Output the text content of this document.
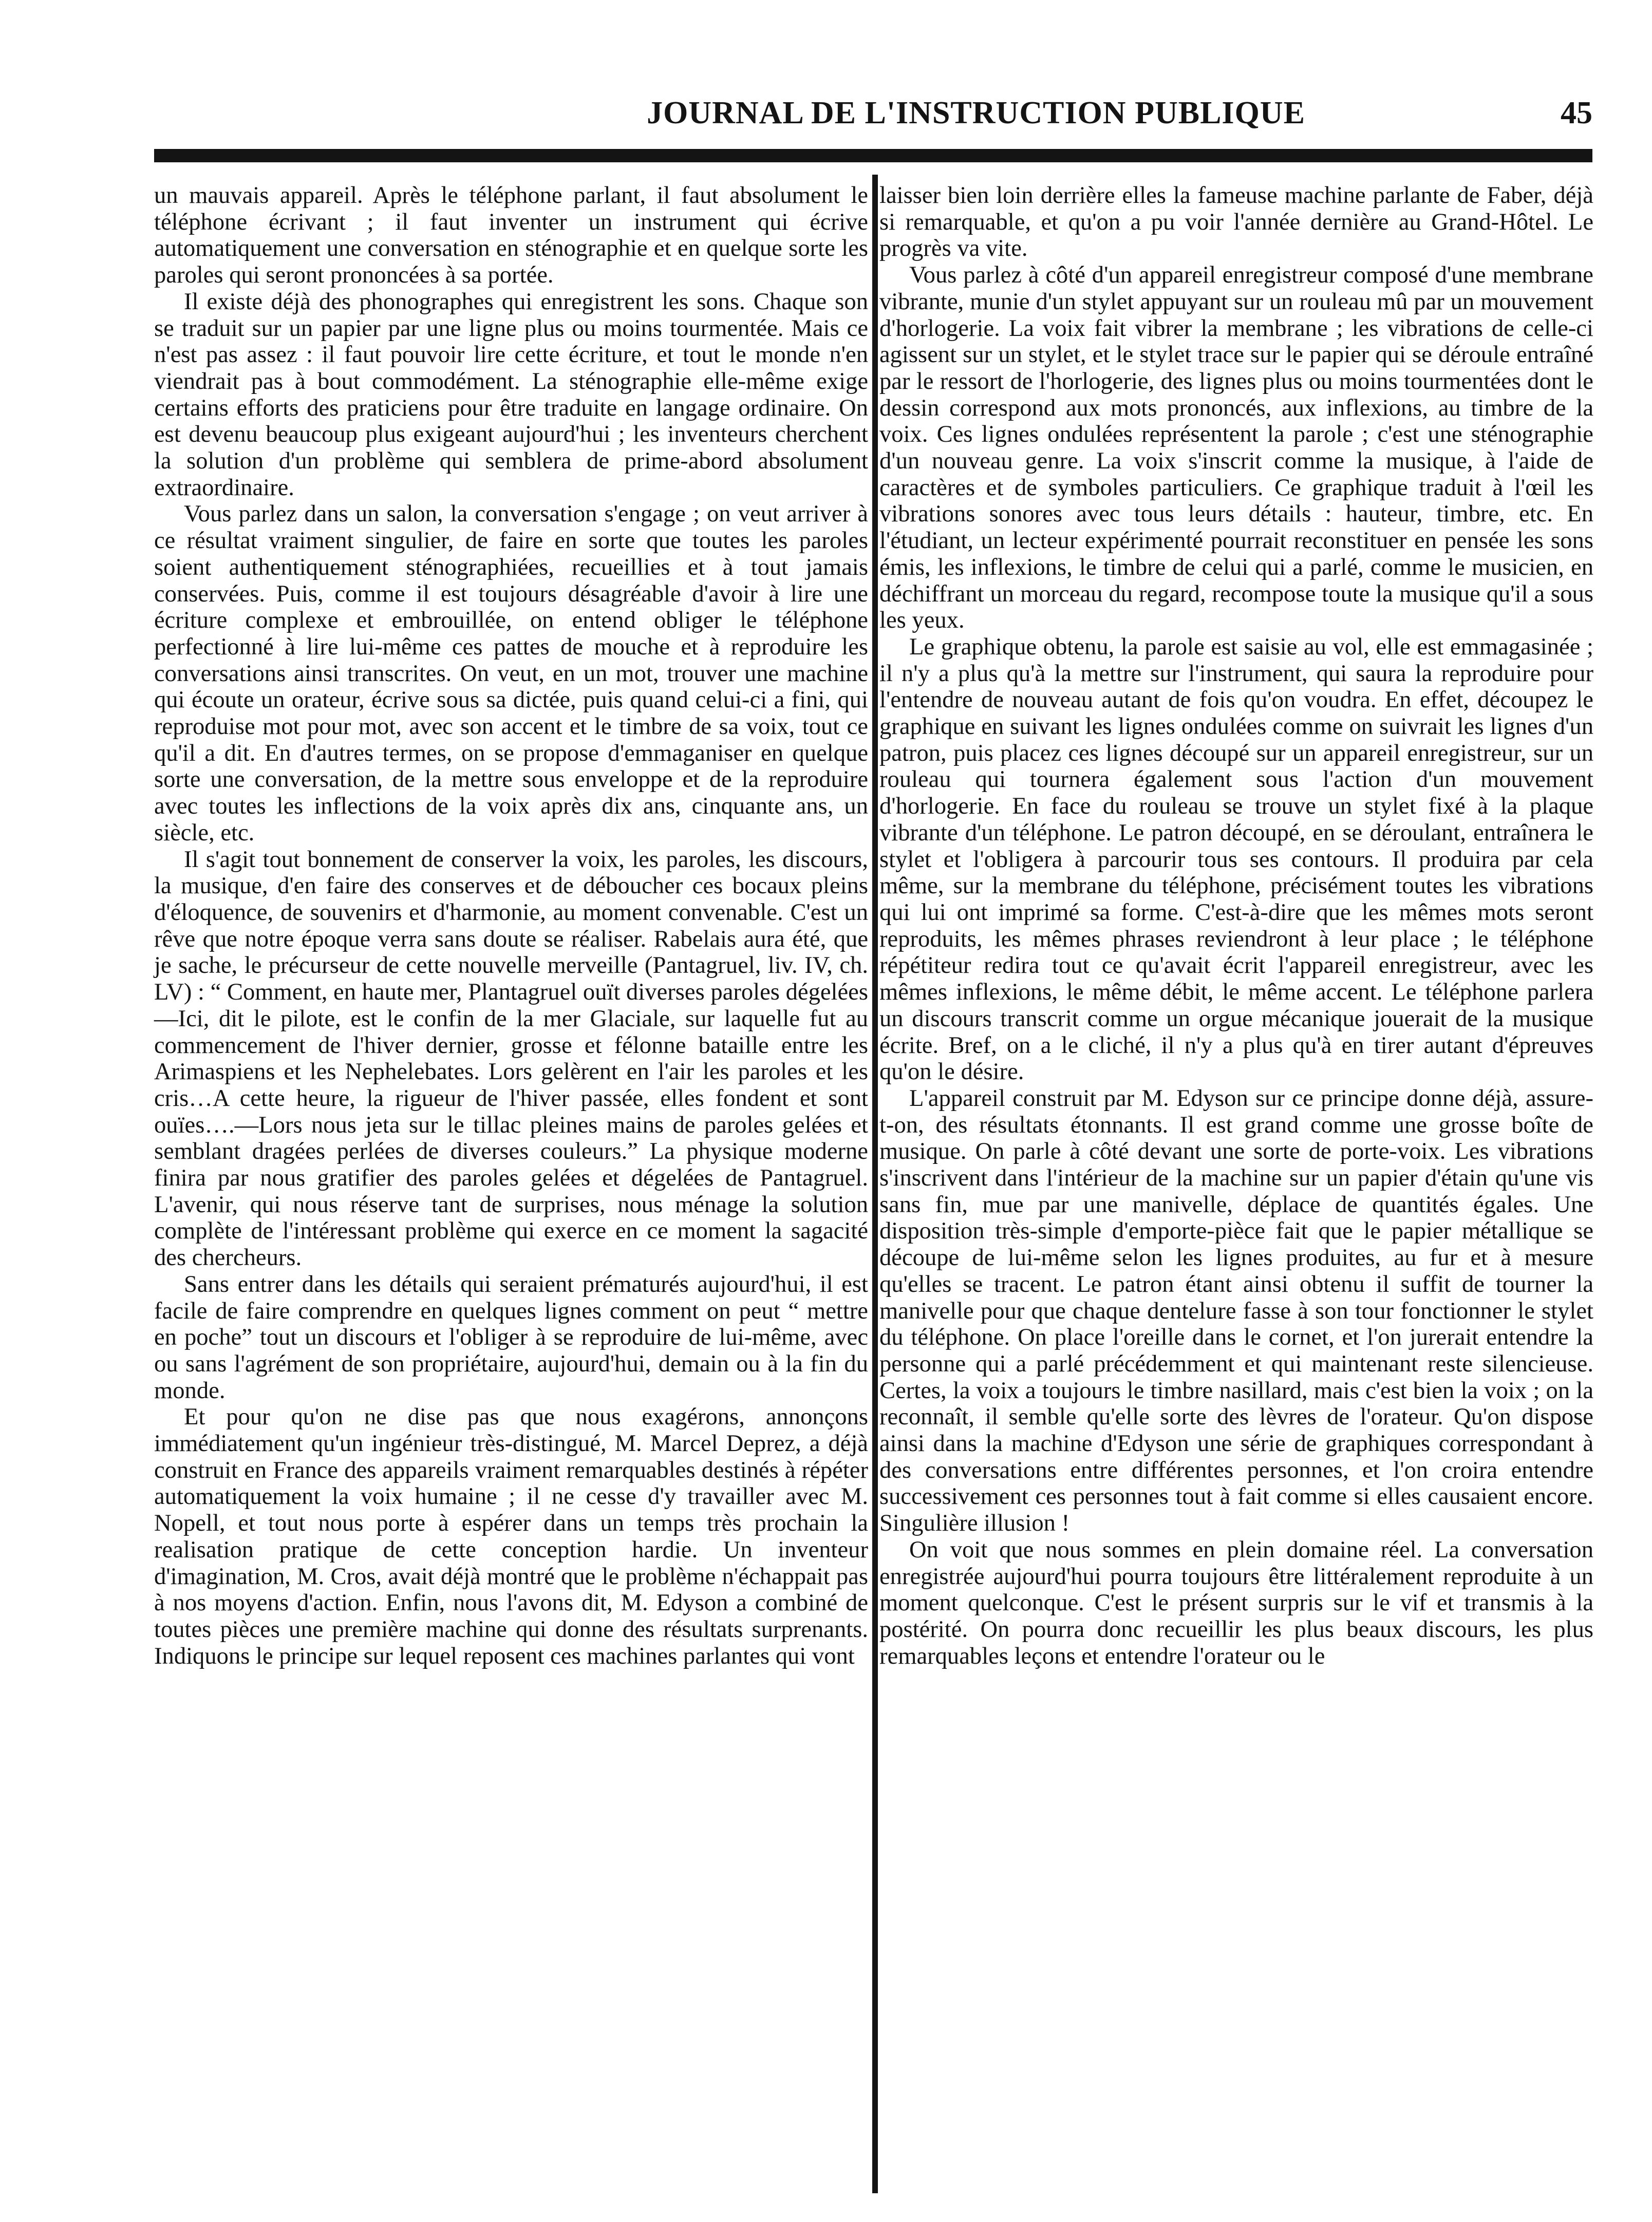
JOURNAL DE L'INSTRUCTION PUBLIQUE	45

un mauvais appareil. Après le téléphone parlant, il faut absolument le téléphone écrivant ; il faut inventer un instrument qui écrive automatiquement une conversation en sténographie et en quelque sorte les paroles qui seront prononcées à sa portée.

Il existe déjà des phonographes qui enregistrent les sons. Chaque son se traduit sur un papier par une ligne plus ou moins tourmentée. Mais ce n'est pas assez : il faut pouvoir lire cette écriture, et tout le monde n'en viendrait pas à bout commodément. La sténographie elle-même exige certains efforts des praticiens pour être traduite en langage ordinaire. On est devenu beaucoup plus exigeant aujourd'hui ; les inventeurs cherchent la solution d'un problème qui semblera de prime-abord absolument extraordinaire.

Vous parlez dans un salon, la conversation s'engage ; on veut arriver à ce résultat vraiment singulier, de faire en sorte que toutes les paroles soient authentiquement sténographiées, recueillies et à tout jamais conservées. Puis, comme il est toujours désagréable d'avoir à lire une écriture complexe et embrouillée, on entend obliger le téléphone perfectionné à lire lui-même ces pattes de mouche et à reproduire les conversations ainsi transcrites. On veut, en un mot, trouver une machine qui écoute un orateur, écrive sous sa dictée, puis quand celui-ci a fini, qui reproduise mot pour mot, avec son accent et le timbre de sa voix, tout ce qu'il a dit. En d'autres termes, on se propose d'emmaganiser en quelque sorte une conversation, de la mettre sous enveloppe et de la reproduire avec toutes les inflections de la voix après dix ans, cinquante ans, un siècle, etc.

Il s'agit tout bonnement de conserver la voix, les paroles, les discours, la musique, d'en faire des conserves et de déboucher ces bocaux pleins d'éloquence, de souvenirs et d'harmonie, au moment convenable. C'est un rêve que notre époque verra sans doute se réaliser. Rabelais aura été, que je sache, le précurseur de cette nouvelle merveille (Pantagruel, liv. IV, ch. LV) : “ Comment, en haute mer, Plantagruel ouït diverses paroles dégelées—Ici, dit le pilote, est le confin de la mer Glaciale, sur laquelle fut au commencement de l'hiver dernier, grosse et félonne bataille entre les Arimaspiens et les Nephelebates. Lors gelèrent en l'air les paroles et les cris…A cette heure, la rigueur de l'hiver passée, elles fondent et sont ouïes….—Lors nous jeta sur le tillac pleines mains de paroles gelées et semblant dragées perlées de diverses couleurs.” La physique moderne finira par nous gratifier des paroles gelées et dégelées de Pantagruel. L'avenir, qui nous réserve tant de surprises, nous ménage la solution complète de l'intéressant problème qui exerce en ce moment la sagacité des chercheurs.

Sans entrer dans les détails qui seraient prématurés aujourd'hui, il est facile de faire comprendre en quelques lignes comment on peut “ mettre en poche” tout un discours et l'obliger à se reproduire de lui-même, avec ou sans l'agrément de son propriétaire, aujourd'hui, demain ou à la fin du monde.

Et pour qu'on ne dise pas que nous exagérons, annonçons immédiatement qu'un ingénieur très-distingué, M. Marcel Deprez, a déjà construit en France des appareils vraiment remarquables destinés à répéter automatiquement la voix humaine ; il ne cesse d'y travailler avec M. Nopell, et tout nous porte à espérer dans un temps très prochain la realisation pratique de cette conception hardie. Un inventeur d'imagination, M. Cros, avait déjà montré que le problème n'échappait pas à nos moyens d'action. Enfin, nous l'avons dit, M. Edyson a combiné de toutes pièces une première machine qui donne des résultats surprenants. Indiquons le principe sur lequel reposent ces machines parlantes qui vont

laisser bien loin derrière elles la fameuse machine parlante de Faber, déjà si remarquable, et qu'on a pu voir l'année dernière au Grand-Hôtel. Le progrès va vite.

Vous parlez à côté d'un appareil enregistreur composé d'une membrane vibrante, munie d'un stylet appuyant sur un rouleau mû par un mouvement d'horlogerie. La voix fait vibrer la membrane ; les vibrations de celle-ci agissent sur un stylet, et le stylet trace sur le papier qui se déroule entraîné par le ressort de l'horlogerie, des lignes plus ou moins tourmentées dont le dessin correspond aux mots prononcés, aux inflexions, au timbre de la voix. Ces lignes ondulées représentent la parole ; c'est une sténographie d'un nouveau genre. La voix s'inscrit comme la musique, à l'aide de caractères et de symboles particuliers. Ce graphique traduit à l'œil les vibrations sonores avec tous leurs détails : hauteur, timbre, etc. En l'étudiant, un lecteur expérimenté pourrait reconstituer en pensée les sons émis, les inflexions, le timbre de celui qui a parlé, comme le musicien, en déchiffrant un morceau du regard, recompose toute la musique qu'il a sous les yeux.

Le graphique obtenu, la parole est saisie au vol, elle est emmagasinée ; il n'y a plus qu'à la mettre sur l'instrument, qui saura la reproduire pour l'entendre de nouveau autant de fois qu'on voudra. En effet, découpez le graphique en suivant les lignes ondulées comme on suivrait les lignes d'un patron, puis placez ces lignes découpé sur un appareil enregistreur, sur un rouleau qui tournera également sous l'action d'un mouvement d'horlogerie. En face du rouleau se trouve un stylet fixé à la plaque vibrante d'un téléphone. Le patron découpé, en se déroulant, entraînera le stylet et l'obligera à parcourir tous ses contours. Il produira par cela même, sur la membrane du téléphone, précisément toutes les vibrations qui lui ont imprimé sa forme. C'est-à-dire que les mêmes mots seront reproduits, les mêmes phrases reviendront à leur place ; le téléphone répétiteur redira tout ce qu'avait écrit l'appareil enregistreur, avec les mêmes inflexions, le même débit, le même accent. Le téléphone parlera un discours transcrit comme un orgue mécanique jouerait de la musique écrite. Bref, on a le cliché, il n'y a plus qu'à en tirer autant d'épreuves qu'on le désire.

L'appareil construit par M. Edyson sur ce principe donne déjà, assure-t-on, des résultats étonnants. Il est grand comme une grosse boîte de musique. On parle à côté devant une sorte de porte-voix. Les vibrations s'inscrivent dans l'intérieur de la machine sur un papier d'étain qu'une vis sans fin, mue par une manivelle, déplace de quantités égales. Une disposition très-simple d'emporte-pièce fait que le papier métallique se découpe de lui-même selon les lignes produites, au fur et à mesure qu'elles se tracent. Le patron étant ainsi obtenu il suffit de tourner la manivelle pour que chaque dentelure fasse à son tour fonctionner le stylet du téléphone. On place l'oreille dans le cornet, et l'on jurerait entendre la personne qui a parlé précédemment et qui maintenant reste silencieuse. Certes, la voix a toujours le timbre nasillard, mais c'est bien la voix ; on la reconnaît, il semble qu'elle sorte des lèvres de l'orateur. Qu'on dispose ainsi dans la machine d'Edyson une série de graphiques correspondant à des conversations entre différentes personnes, et l'on croira entendre successivement ces personnes tout à fait comme si elles causaient encore. Singulière illusion !

On voit que nous sommes en plein domaine réel. La conversation enregistrée aujourd'hui pourra toujours être littéralement reproduite à un moment quelconque. C'est le présent surpris sur le vif et transmis à la postérité. On pourra donc recueillir les plus beaux discours, les plus remarquables leçons et entendre l'orateur ou le
